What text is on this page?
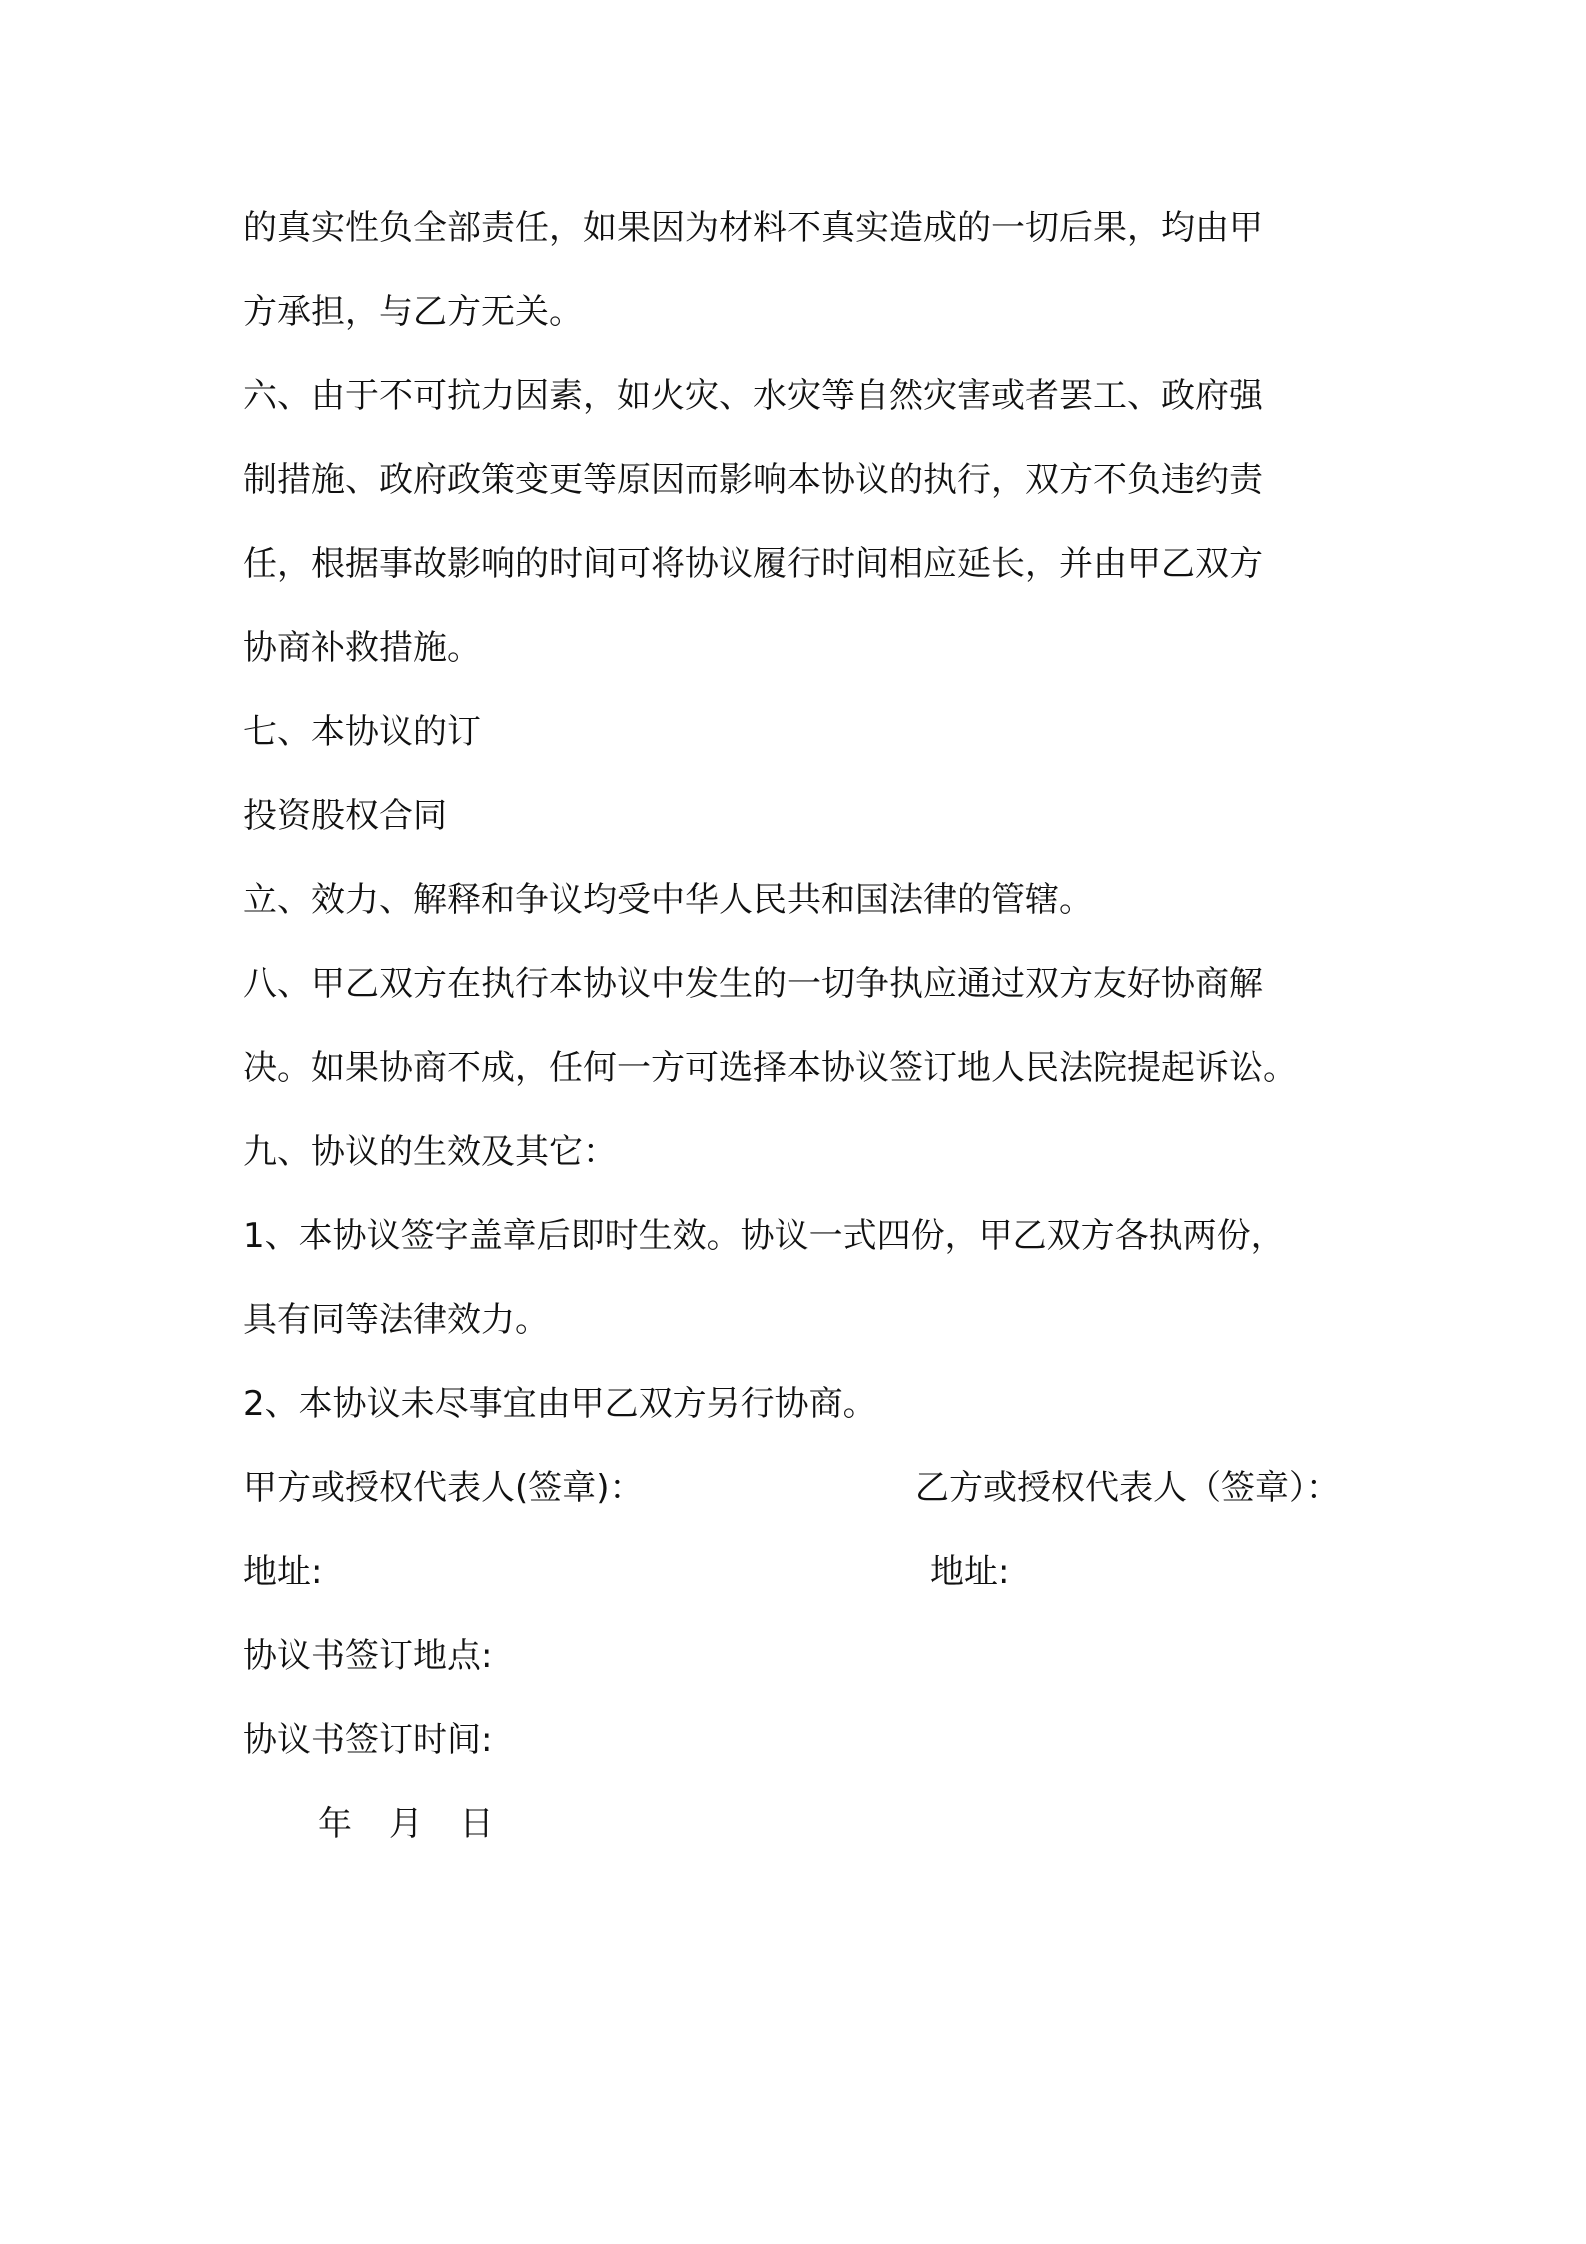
的真实性负全部责任，如果因为材料不真实造成的一切后果，均由甲
方承担，与乙方无关。
六、由于不可抗力因素，如火灾、水灾等自然灾害或者罢工、政府强
制措施、政府政策变更等原因而影响本协议的执行，双方不负违约责
任，根据事故影响的时间可将协议履行时间相应延长，并由甲乙双方
协商补救措施。
七、本协议的订
投资股权合同
立、效力、解释和争议均受中华人民共和国法律的管辖。
八、甲乙双方在执行本协议中发生的一切争执应通过双方友好协商解
决。如果协商不成，任何一方可选择本协议签订地人民法院提起诉讼。
九、协议的生效及其它：
1、本协议签字盖章后即时生效。协议一式四份，甲乙双方各执两份，
具有同等法律效力。
2、本协议未尽事宜由甲乙双方另行协商。
甲方或授权代表人(签章)：	乙方或授权代表人（签章）：
地址:	地址:
协议书签订地点:
协议书签订时间:
年 月 日
